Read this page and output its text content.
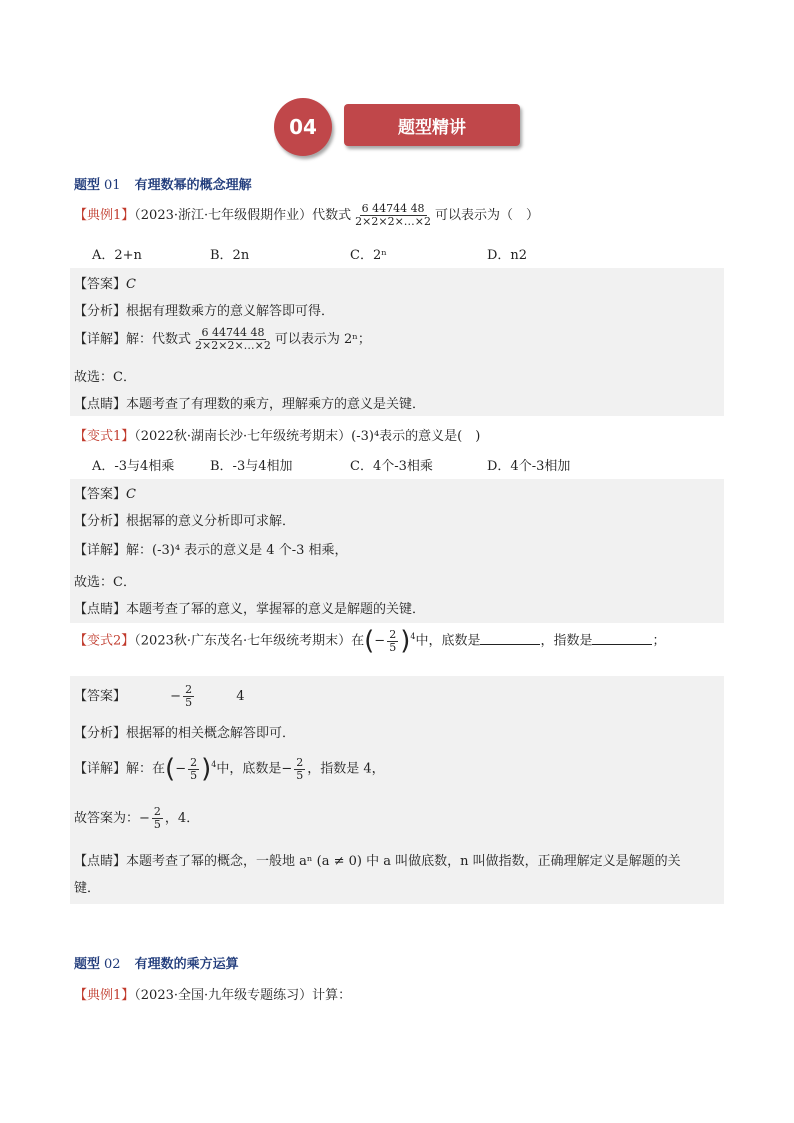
04	题型精讲
题型 01 有理数幂的概念理解
【典例1】（2023·浙江·七年级假期作业）代数式 $\frac{6 44744 48}{2\times 2\times 2\times\dots\times 2}$ 可以表示为（　）
A．2+n	B．2n	C．2ⁿ	D．n2
【答案】C
【分析】根据有理数乘方的意义解答即可得．
【详解】解：代数式 $\frac{6 44744 48}{2\times 2\times 2\times\dots\times 2}$ 可以表示为 2ⁿ；
故选：C．
【点睛】本题考查了有理数的乘方，理解乘方的意义是关键．
【变式1】（2022秋·湖南长沙·七年级统考期末）(-3)⁴表示的意义是(　)
A．-3与4相乘	B．-3与4相加	C．4个-3相乘	D．4个-3相加
【答案】C
【分析】根据幂的意义分析即可求解．
【详解】解：(-3)⁴ 表示的意义是 4 个-3 相乘，
故选：C．
【点睛】本题考查了幂的意义，掌握幂的意义是解题的关键．
【变式2】（2023秋·广东茂名·七年级统考期末）在(− $\frac{2}{5} )^4$中，底数是	，指数是	；
【答案】	− $\frac{2}{5}$	4
【分析】根据幂的相关概念解答即可．
【详解】解：在(− $\frac{2}{5} )^4$中，底数是− $\frac{2}{5}$ ，指数是 4，
故答案为：− $\frac{2}{5}$ ，4．
【点睛】本题考查了幂的概念，一般地 aⁿ (a ≠ 0) 中 a 叫做底数，n 叫做指数，正确理解定义是解题的关
键．
题型 02 有理数的乘方运算
【典例1】（2023·全国·九年级专题练习）计算：
